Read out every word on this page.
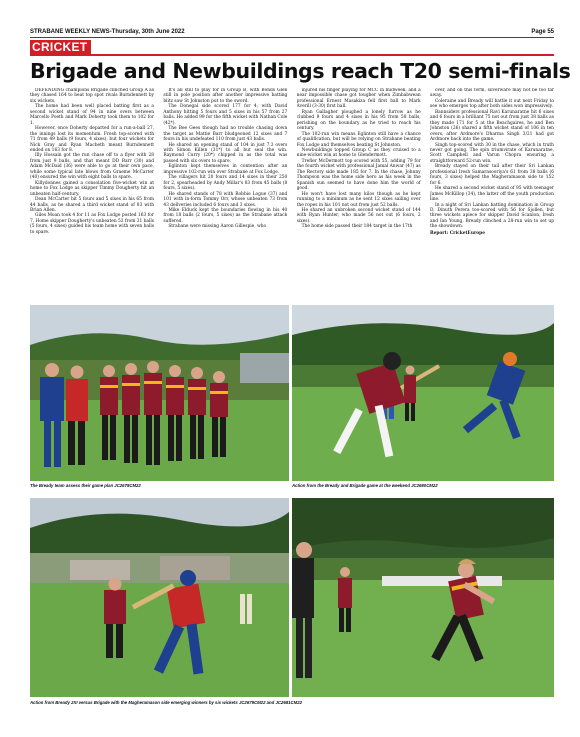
STRABANE WEEKLY NEWS-Thursday, 30th June 2022	Page 55
CRICKET
Brigade and Newbuildings reach T20 semi-finals

DEFENDING champions Brigade clinched Group A as they chased 164 to beat top spot rivals Burndennett by six wickets.

The home had been well placed batting first as a second wicket stand of 94 in nine overs between Marcello Poeth and Mark Doherty took them to 102 for 1.

However, once Doherty departed for a run-a-ball 27, the innings lost its momentum. Fresh top-scored with 71 from 49 balls (9 fours, 4 sixes), but four wickets for Nick Gray and Ryan Macbeth meant Burndennett ended on 163 for 8.

Illy Hossain got the run chase off to a flyer with 28 from just 9 balls, and that meant DD Barr (30) and Adam McDaid (36) were able to go at their own pace, while some typical late blows from Graeme McCarter (40) ensured the win with eight balls to spare.

Killydonnes gained a consolation five-wicket win at home to Fox Lodge as skipper Timmy Dougherty hit an unbeaten half-century.

Dean McCarter hit 5 fours and 5 sixes in his 65 from 44 balls, as he shared a third wicket stand of 83 with Brian Allen.

Giles Moan took 4 for 11 as Fox Lodge posted 163 for 7. Home skipper Dougherty's unbeaten 53 from 31 balls (5 fours, 4 sixes) guided his team home with seven balls to spare.

It's all still to play for in Group B, with Bonds Glen still in pole position after another impressive batting blitz saw St Johnston put to the sword.

The Donegal side scored 177 for 4, with David Anthony hitting 5 fours and 5 sixes in his 57 from 27 balls. He added 99 for the fifth wicket with Nathan Cole (42*).

The Bee Gees though had no trouble chasing down the target as Mattie Barr bludgeoned 12 sixes and 7 fours in his undefeated 110 from just 43 balls.

He shared an opening stand of 104 in just 7.3 overs with Simon Killen (31*) to all but seal the win. Raymond Curry (20*) chipped in as the total was passed with six overs to spare.

Eglinton kept themselves in contention after an impressive 102-run win over Strabane at Fox Lodge.

The villagers hit 20 fours and 14 sixes in their 250 for 2, spearheaded by Andy Millar's 83 from 45 balls (8 fours, 5 sixes).

He shared stands of 78 with Robbie Logue (37) and 101 with in-form Tommy Orr, whose unbeaten 73 from 43 deliveries included 6 fours and 3 sixes.

Mike Elduck kept the boundaries flowing in his 40 from 18 balls (2 fours, 5 sixes) as the Strabane attack suffered.

Strabane were missing Aaron Gillespie, who

injured his finger playing for MCC in midweek, and a near impossible chase got tougher when Zimbabwean professional Ernest Masakiza fell first ball to Mark Averill (3-30) first ball.

Ryan Gallagher ploughed a lonely furrow as he clubbed 9 fours and 4 sixes in his 95 from 58 balls, perishing on the boundary as he tried to reach his century.

The 102-run win means Eglinton still have a chance of qualification, but will be relying on Strabane beating Fox Lodge and themselves beating St Johnston.

Newbuildings topped Group C as they cruised to a nine-wicket win at home to Glendermott.

Trefler McDermott top scored with 55, adding 79 for the fourth wicket with professional Jamal Anwar (47) as The Rectory side made 185 for 7. In the chase, Johnny Thompson was the home side hero as his week in the Spanish sun seemed to have done him the world of good.

He won't have lost many kilos though as he kept running to a minimum as he sent 12 sixes sailing over the ropes in his 101 not out from just 52 balls.

He shared an unbroken second wicket stand of 144 with Ryan Hunter, who made 56 not out (6 fours, 2 sixes).

The home side passed their 184 target in the 17th

over, and on this form, silverware may not be too far away.

Coleraine and Bready will battle it out next Friday to see who emerges top after both sides won impressively.

Bannsiders professional Ravi Karunaratne hit 6 sixes and 6 fours in a brilliant 75 not out from just 38 balls as they made 171 for 5 at the Beachgaires, he and Ben Johnston (26) shared a fifth wicket stand of 106 in ten overs, after Ardmore's Dharma Singh 3/21 had got Ardmore back into the game.

Singh top-scored with 30 in the chase, which in truth never got going. The spin triumvirate of Karunaratne, Scott Campbell and Varun Chopra ensuring a straightforward 52-run win.

Bready stayed on their tail after their Sri Lankan professional Iresh Samarasooriya's 61 from 38 balls (6 fours, 3 sixes) helped the Magheramason side to 152 for 6.

He shared a second wicket stand of 95 with teenager James McKillop (34), the latter off the youth production line.

In a night of Sri Lankan batting domination in Group D, Dinuth Perera too-scored with 56 for Sjollen, but three wickets apiece for skipper David Scanlon, Iresh and Ian Young, Bready clinched a 28-run win to set up the showdown.

Report: CricketEurope

The Bready team assess their game plan JC2678CM22	Action from the Bready and Brigade game at the weekend JC2680CM22
Action from Bready 2XI versus Brigade with the Magheramason side emerging winners by six wickets JC2679CM22 and JC2681CM22
